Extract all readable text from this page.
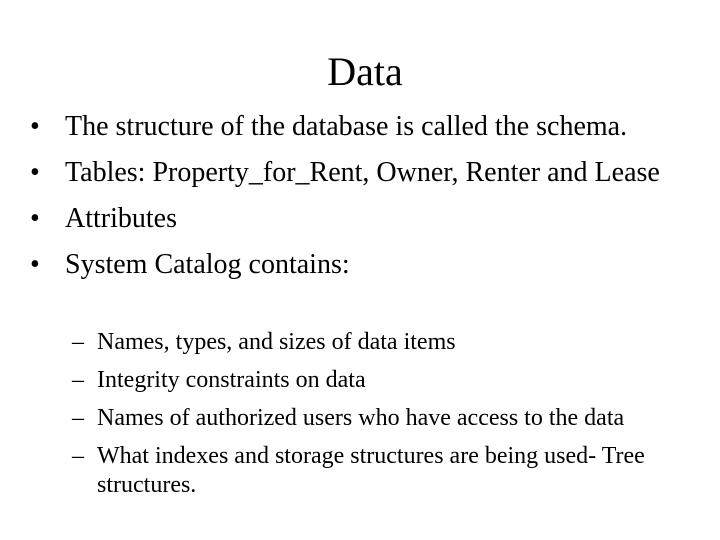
Data
• The structure of the database is called the schema.
• Tables: Property_for_Rent, Owner, Renter and Lease
• Attributes
• System Catalog contains:
– Names, types, and sizes of data items
– Integrity constraints on data
– Names of authorized users who have access to the data
– What indexes and storage structures are being used- Tree structures.
